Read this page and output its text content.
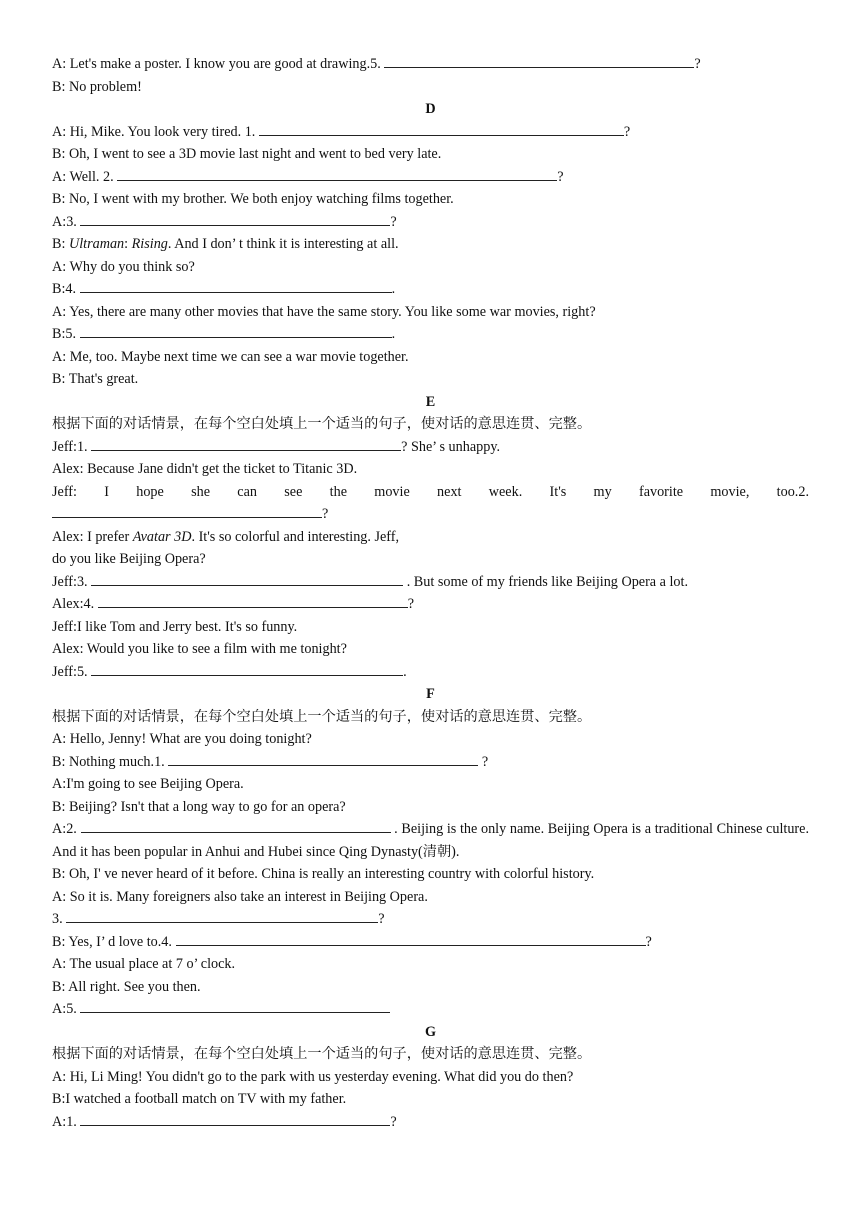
A: Let's make a poster. I know you are good at drawing.5.	?
B: No problem!
D
A: Hi, Mike. You look very tired. 1.	?
B: Oh, I went to see a 3D movie last night and went to bed very late.
A: Well. 2.	?
B: No, I went with my brother. We both enjoy watching films together.
A:3.	?
B: Ultraman: Rising. And I don’ t think it is interesting at all.
A: Why do you think so?
B:4.	.
A: Yes, there are many other movies that have the same story. You like some war movies, right?
B:5.	.
A: Me, too. Maybe next time we can see a war movie together.
B: That's great.
E
根据下面的对话情景，在每个空白处填上一个适当的句子，使对话的意思连贯、完整。
Jeff:1.	? She’ s unhappy.
Alex: Because Jane didn't get the ticket to Titanic 3D.
Jeff: I hope she can see the movie next week. It's my favorite movie, too.2.
?
Alex: I prefer Avatar 3D. It's so colorful and interesting. Jeff,
do you like Beijing Opera?
Jeff:3.	. But some of my friends like Beijing Opera a lot.
Alex:4.	?
Jeff:I like Tom and Jerry best. It's so funny.
Alex: Would you like to see a film with me tonight?
Jeff:5.	.
F
根据下面的对话情景，在每个空白处填上一个适当的句子，使对话的意思连贯、完整。
A: Hello, Jenny! What are you doing tonight?
B: Nothing much.1.	?
A:I'm going to see Beijing Opera.
B: Beijing? Isn't that a long way to go for an opera?
A:2.	. Beijing is the only name. Beijing Opera is a traditional Chinese culture. And it has been popular in Anhui and Hubei since Qing Dynasty(清朝).
B: Oh, I' ve never heard of it before. China is really an interesting country with colorful history.
A: So it is. Many foreigners also take an interest in Beijing Opera.
3.	?
B: Yes, I’ d love to.4.	?
A: The usual place at 7 o’ clock.
B: All right. See you then.
A:5.
G
根据下面的对话情景，在每个空白处填上一个适当的句子，使对话的意思连贯、完整。
A: Hi, Li Ming! You didn't go to the park with us yesterday evening. What did you do then?
B:I watched a football match on TV with my father.
A:1.	?
